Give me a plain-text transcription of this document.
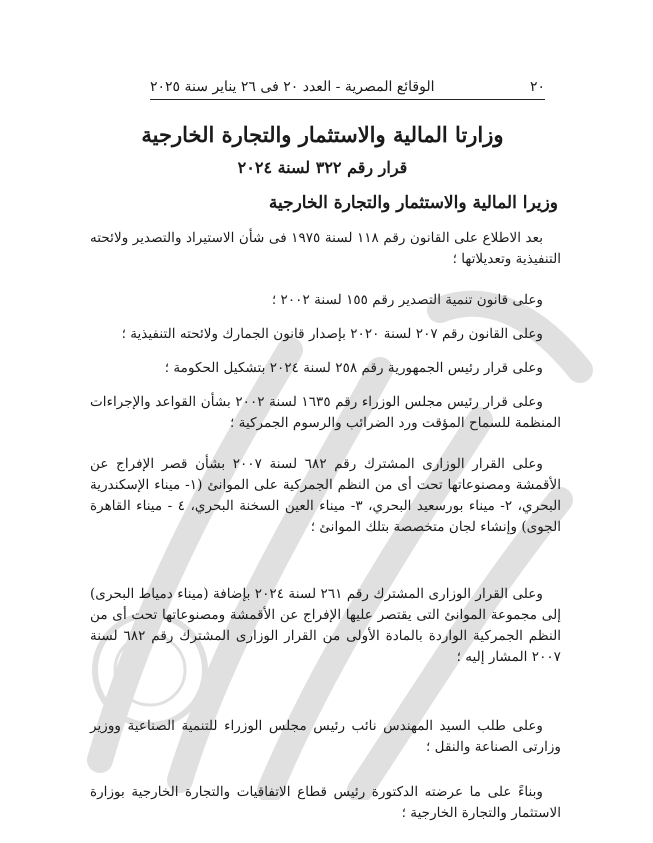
٢٠
الوقائع المصرية - العدد ٢٠ فى ٢٦ يناير سنة ٢٠٢٥
وزارتا المالية والاستثمار والتجارة الخارجية
قرار رقم ٣٢٢ لسنة ٢٠٢٤
وزيرا المالية والاستثمار والتجارة الخارجية
بعد الاطلاع على القانون رقم ١١٨ لسنة ١٩٧٥ فى شأن الاستيراد والتصدير ولائحته التنفيذية وتعديلاتها ؛
وعلى قانون تنمية التصدير رقم ١٥٥ لسنة ٢٠٠٢ ؛
وعلى القانون رقم ٢٠٧ لسنة ٢٠٢٠ بإصدار قانون الجمارك ولائحته التنفيذية ؛
وعلى قرار رئيس الجمهورية رقم ٢٥٨ لسنة ٢٠٢٤ بتشكيل الحكومة ؛
وعلى قرار رئيس مجلس الوزراء رقم ١٦٣٥ لسنة ٢٠٠٢ بشأن القواعد والإجراءات المنظمة للسماح المؤقت ورد الضرائب والرسوم الجمركية ؛
وعلى القرار الوزارى المشترك رقم ٦٨٢ لسنة ٢٠٠٧ بشأن قصر الإفراج عن الأقمشة ومصنوعاتها تحت أى من النظم الجمركية على الموانئ (١- ميناء الإسكندرية البحري، ٢- ميناء بورسعيد البحري، ٣- ميناء العين السخنة البحري، ٤ - ميناء القاهرة الجوى) وإنشاء لجان متخصصة بتلك الموانئ ؛
وعلى القرار الوزارى المشترك رقم ٢٦١ لسنة ٢٠٢٤ بإضافة (ميناء دمياط البحرى) إلى مجموعة الموانئ التى يقتصر عليها الإفراج عن الأقمشة ومصنوعاتها تحت أى من النظم الجمركية الواردة بالمادة الأولى من القرار الوزارى المشترك رقم ٦٨٢ لسنة ٢٠٠٧ المشار إليه ؛
وعلى طلب السيد المهندس نائب رئيس مجلس الوزراء للتنمية الصناعية ووزير وزارتى الصناعة والنقل ؛
وبناءً على ما عرضته الدكتورة رئيس قطاع الاتفاقيات والتجارة الخارجية بوزارة الاستثمار والتجارة الخارجية ؛
